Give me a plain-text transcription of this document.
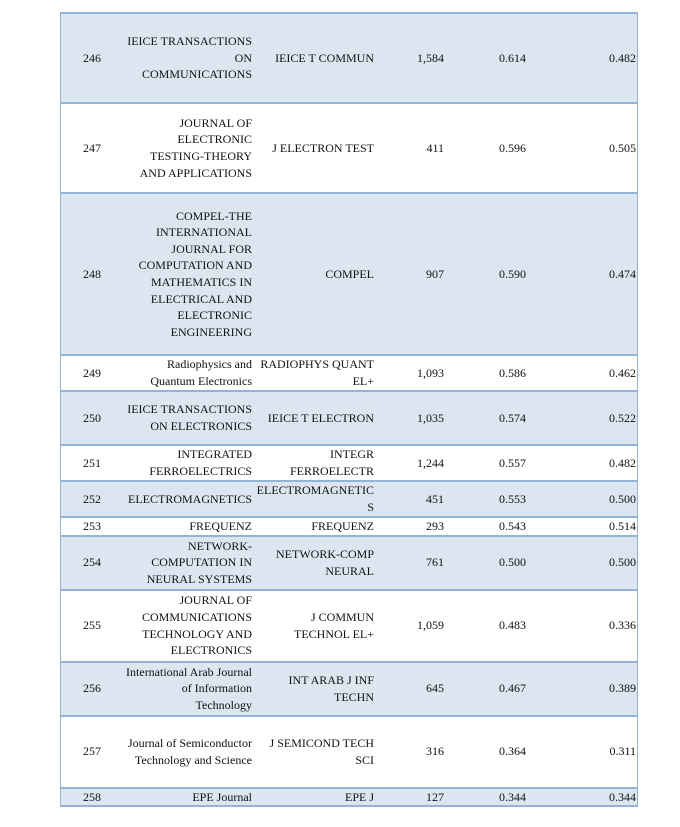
246	IEICE TRANSACTIONS ON COMMUNICATIONS	IEICE T COMMUN	1,584	0.614	0.482
247	JOURNAL OF ELECTRONIC TESTING-THEORY AND APPLICATIONS	J ELECTRON TEST	411	0.596	0.505
248	COMPEL-THE INTERNATIONAL JOURNAL FOR COMPUTATION AND MATHEMATICS IN ELECTRICAL AND ELECTRONIC ENGINEERING	COMPEL	907	0.590	0.474
249	Radiophysics and Quantum Electronics	RADIOPHYS QUANT EL+	1,093	0.586	0.462
250	IEICE TRANSACTIONS ON ELECTRONICS	IEICE T ELECTRON	1,035	0.574	0.522
251	INTEGRATED FERROELECTRICS	INTEGR FERROELECTR	1,244	0.557	0.482
252	ELECTROMAGNETICS	ELECTROMAGNETICS	451	0.553	0.500
253	FREQUENZ	FREQUENZ	293	0.543	0.514
254	NETWORK-COMPUTATION IN NEURAL SYSTEMS	NETWORK-COMP NEURAL	761	0.500	0.500
255	JOURNAL OF COMMUNICATIONS TECHNOLOGY AND ELECTRONICS	J COMMUN TECHNOL EL+	1,059	0.483	0.336
256	International Arab Journal of Information Technology	INT ARAB J INF TECHN	645	0.467	0.389
257	Journal of Semiconductor Technology and Science	J SEMICOND TECH SCI	316	0.364	0.311
258	EPE Journal	EPE J	127	0.344	0.344
